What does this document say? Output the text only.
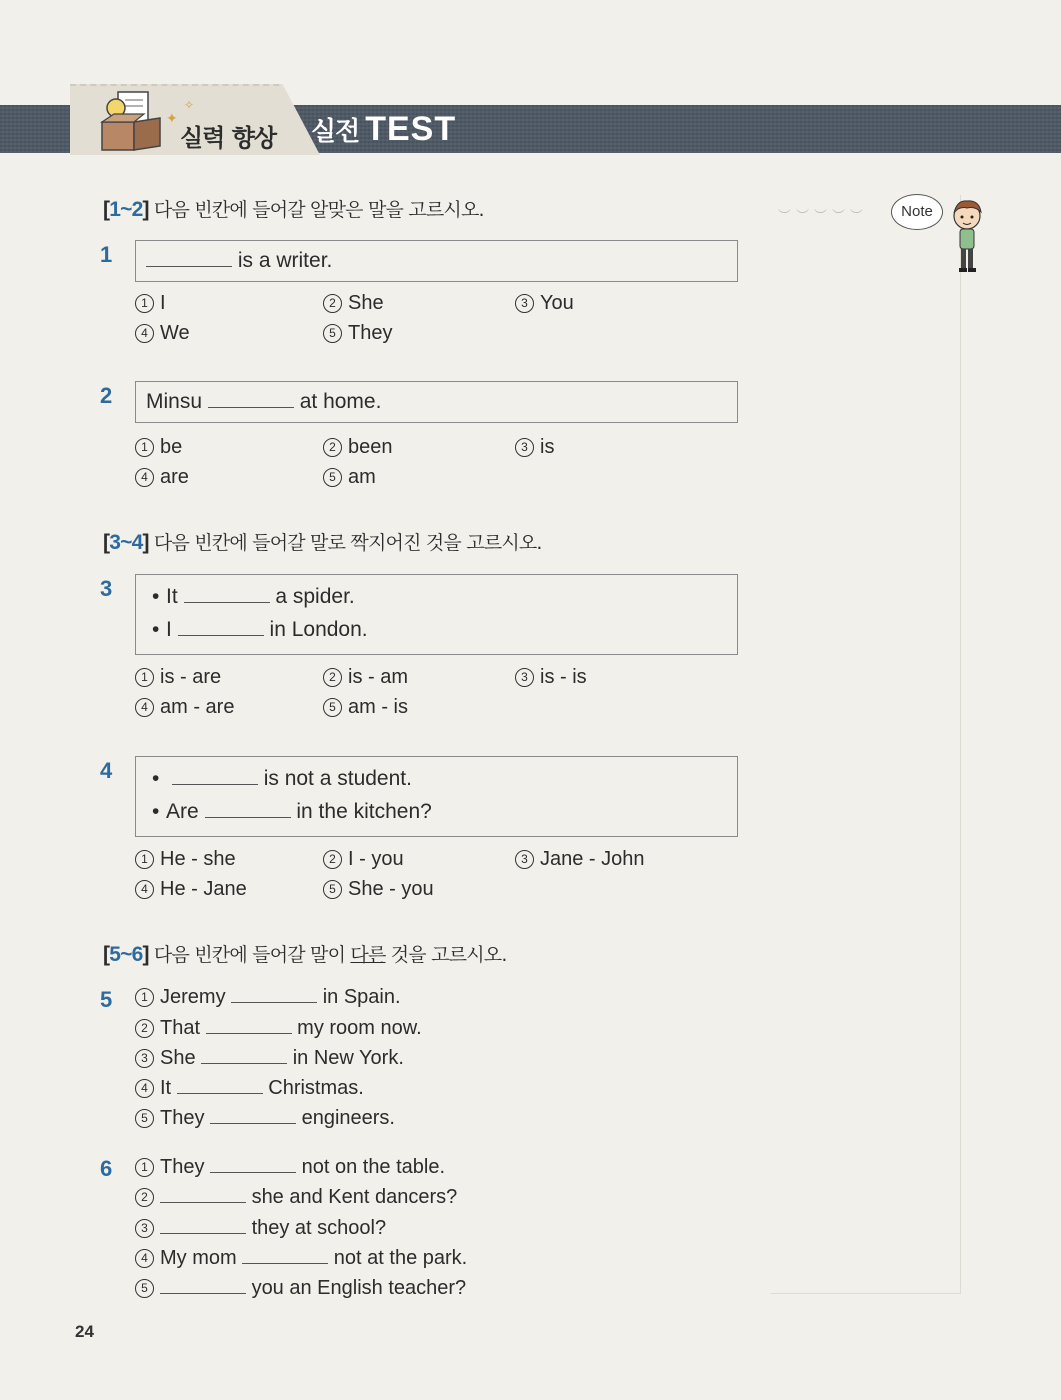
✦
✧
실력 향상 실전 TEST
︶︶︶︶︶	Note
[1~2] 다음 빈칸에 들어갈 알맞은 말을 고르시오.
1	is a writer.
1 I	2 She	3 You
4 We	5 They
2 Minsu	at home.
1 be	2 been	3 is
4 are	5 am
[3~4] 다음 빈칸에 들어갈 말로 짝지어진 것을 고르시오.
3 • It	a spider.
• I	in London.
1 is - are	2 is - am	3 is - is
4 am - are	5 am - is
4 •	is not a student.
• Are	in the kitchen?
1 He - she	2 I - you	3 Jane - John
4 He - Jane	5 She - you
[5~6] 다음 빈칸에 들어갈 말이 다른 것을 고르시오.
5	1 Jeremy	in Spain.
2 That	my room now.
3 She	in New York.
4 It	Christmas.
5 They	engineers.
6	1 They	not on the table.
2	she and Kent dancers?
3	they at school?
4 My mom	not at the park.
5	you an English teacher?
24
